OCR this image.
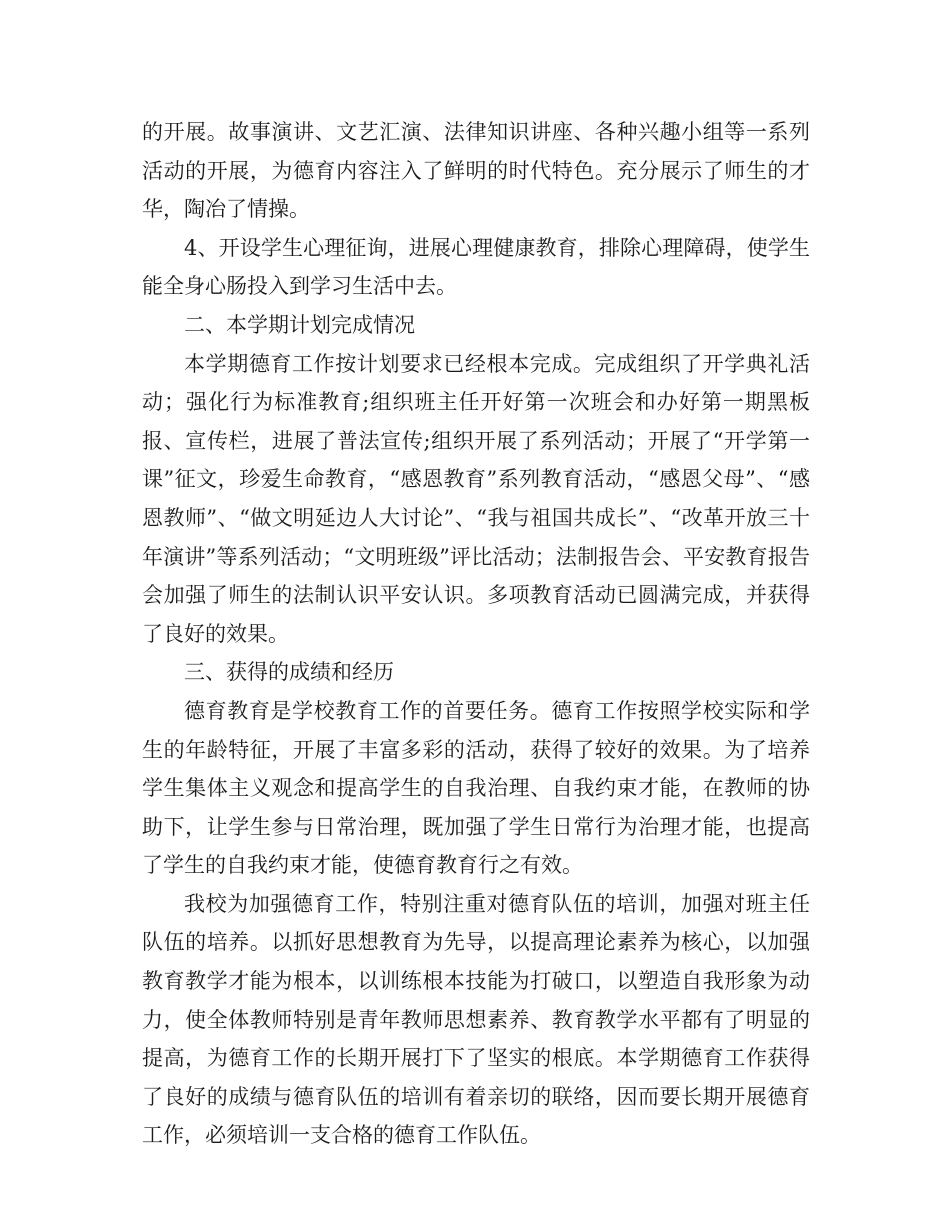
的开展。故事演讲、文艺汇演、法律知识讲座、各种兴趣小组等一系列活动的开展，为德育内容注入了鲜明的时代特色。充分展示了师生的才华，陶冶了情操。

4、开设学生心理征询，进展心理健康教育，排除心理障碍，使学生能全身心肠投入到学习生活中去。

二、本学期计划完成情况

本学期德育工作按计划要求已经根本完成。完成组织了开学典礼活动；强化行为标准教育;组织班主任开好第一次班会和办好第一期黑板报、宣传栏，进展了普法宣传;组织开展了系列活动；开展了“开学第一课”征文，珍爱生命教育，“感恩教育”系列教育活动，“感恩父母”、“感恩教师”、“做文明延边人大讨论”、“我与祖国共成长”、“改革开放三十年演讲”等系列活动；“文明班级”评比活动；法制报告会、平安教育报告会加强了师生的法制认识平安认识。多项教育活动已圆满完成，并获得了良好的效果。

三、获得的成绩和经历

德育教育是学校教育工作的首要任务。德育工作按照学校实际和学生的年龄特征，开展了丰富多彩的活动，获得了较好的效果。为了培养学生集体主义观念和提高学生的自我治理、自我约束才能，在教师的协助下，让学生参与日常治理，既加强了学生日常行为治理才能，也提高了学生的自我约束才能，使德育教育行之有效。

我校为加强德育工作，特别注重对德育队伍的培训，加强对班主任队伍的培养。以抓好思想教育为先导，以提高理论素养为核心，以加强教育教学才能为根本，以训练根本技能为打破口，以塑造自我形象为动力，使全体教师特别是青年教师思想素养、教育教学水平都有了明显的提高，为德育工作的长期开展打下了坚实的根底。本学期德育工作获得了良好的成绩与德育队伍的培训有着亲切的联络，因而要长期开展德育工作，必须培训一支合格的德育工作队伍。
